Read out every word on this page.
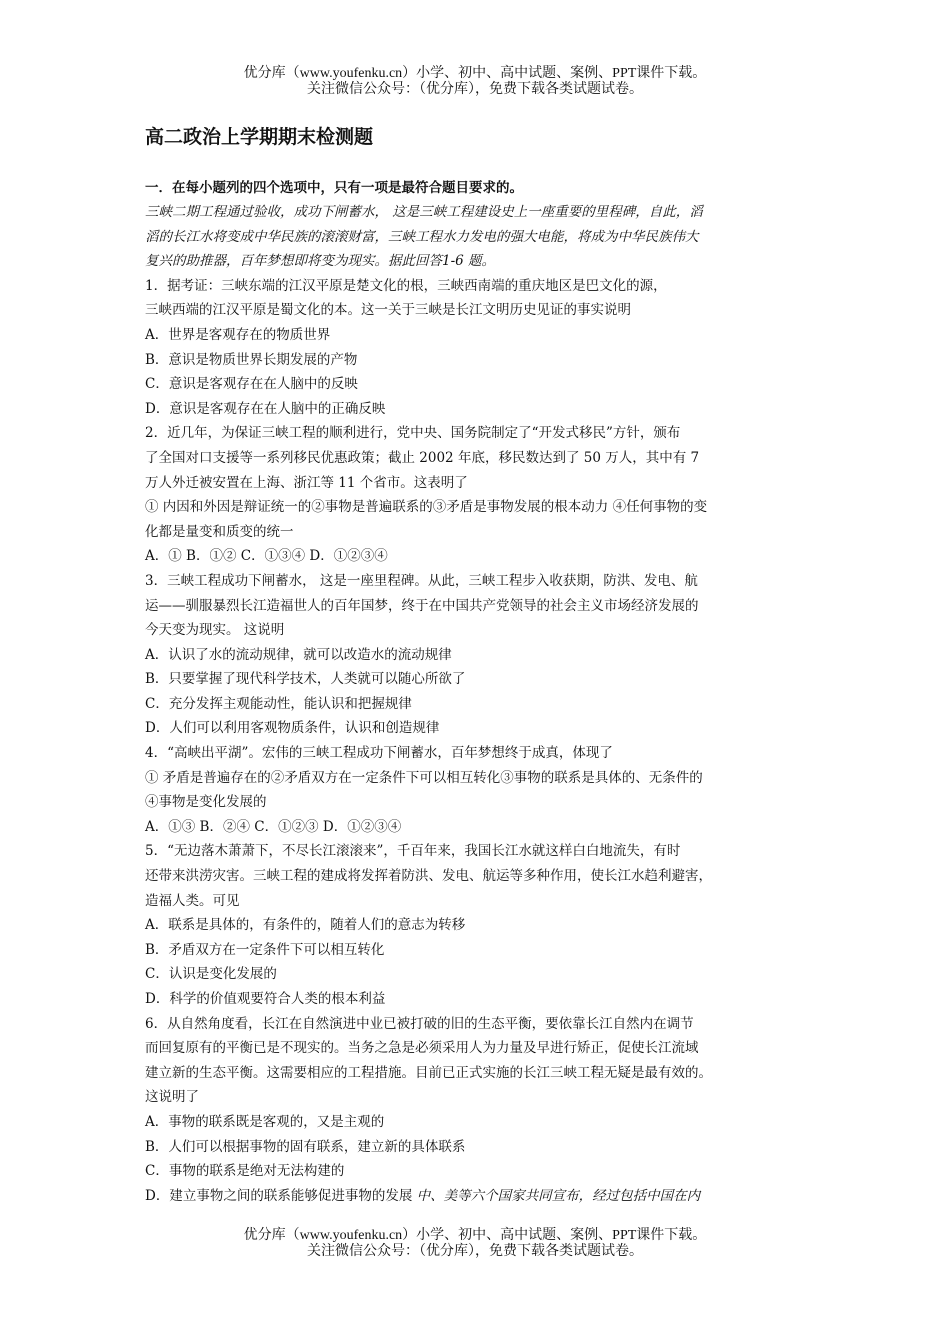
优分库（www.youfenku.cn）小学、初中、高中试题、案例、PPT课件下载。
关注微信公众号：（优分库），免费下载各类试题试卷。
高二政治上学期期末检测题
一．在每小题列的四个选项中，只有一项是最符合题目要求的。
三峡二期工程通过验收，成功下闸蓄水， 这是三峡工程建设史上一座重要的里程碑，自此，滔
滔的长江水将变成中华民族的滚滚财富，三峡工程水力发电的强大电能，将成为中华民族伟大
复兴的助推器，百年梦想即将变为现实。据此回答1-6 题。
1．据考证：三峡东端的江汉平原是楚文化的根，三峡西南端的重庆地区是巴文化的源，
三峡西端的江汉平原是蜀文化的本。这一关于三峡是长江文明历史见证的事实说明
A．世界是客观存在的物质世界
B．意识是物质世界长期发展的产物
C．意识是客观存在在人脑中的反映
D．意识是客观存在在人脑中的正确反映
2．近几年，为保证三峡工程的顺利进行，党中央、国务院制定了“开发式移民”方针，颁布
了全国对口支援等一系列移民优惠政策；截止 2002 年底，移民数达到了 50 万人，其中有 7
万人外迁被安置在上海、浙江等 11 个省市。这表明了
① 内因和外因是辩证统一的②事物是普遍联系的③矛盾是事物发展的根本动力 ④任何事物的变
化都是量变和质变的统一
A．① B．①② C．①③④ D．①②③④
3．三峡工程成功下闸蓄水， 这是一座里程碑。从此，三峡工程步入收获期，防洪、发电、航
运——驯服暴烈长江造福世人的百年国梦，终于在中国共产党领导的社会主义市场经济发展的
今天变为现实。 这说明
A．认识了水的流动规律，就可以改造水的流动规律
B．只要掌握了现代科学技术，人类就可以随心所欲了
C．充分发挥主观能动性，能认识和把握规律
D．人们可以利用客观物质条件，认识和创造规律
4．“高峡出平湖”。宏伟的三峡工程成功下闸蓄水，百年梦想终于成真，体现了
① 矛盾是普遍存在的②矛盾双方在一定条件下可以相互转化③事物的联系是具体的、无条件的
④事物是变化发展的
A．①③ B．②④ C．①②③ D．①②③④
5．“无边落木萧萧下，不尽长江滚滚来”，千百年来，我国长江水就这样白白地流失，有时
还带来洪涝灾害。三峡工程的建成将发挥着防洪、发电、航运等多种作用，使长江水趋利避害，
造福人类。可见
A．联系是具体的，有条件的，随着人们的意志为转移
B．矛盾双方在一定条件下可以相互转化
C．认识是变化发展的
D．科学的价值观要符合人类的根本利益
6．从自然角度看，长江在自然演进中业已被打破的旧的生态平衡，要依靠长江自然内在调节
而回复原有的平衡已是不现实的。当务之急是必须采用人为力量及早进行矫正，促使长江流域
建立新的生态平衡。这需要相应的工程措施。目前已正式实施的长江三峡工程无疑是最有效的。
这说明了
A．事物的联系既是客观的，又是主观的
B．人们可以根据事物的固有联系，建立新的具体联系
C．事物的联系是绝对无法构建的
D．建立事物之间的联系能够促进事物的发展 中、美等六个国家共同宣布，经过包括中国在内
优分库（www.youfenku.cn）小学、初中、高中试题、案例、PPT课件下载。
关注微信公众号：（优分库），免费下载各类试题试卷。
